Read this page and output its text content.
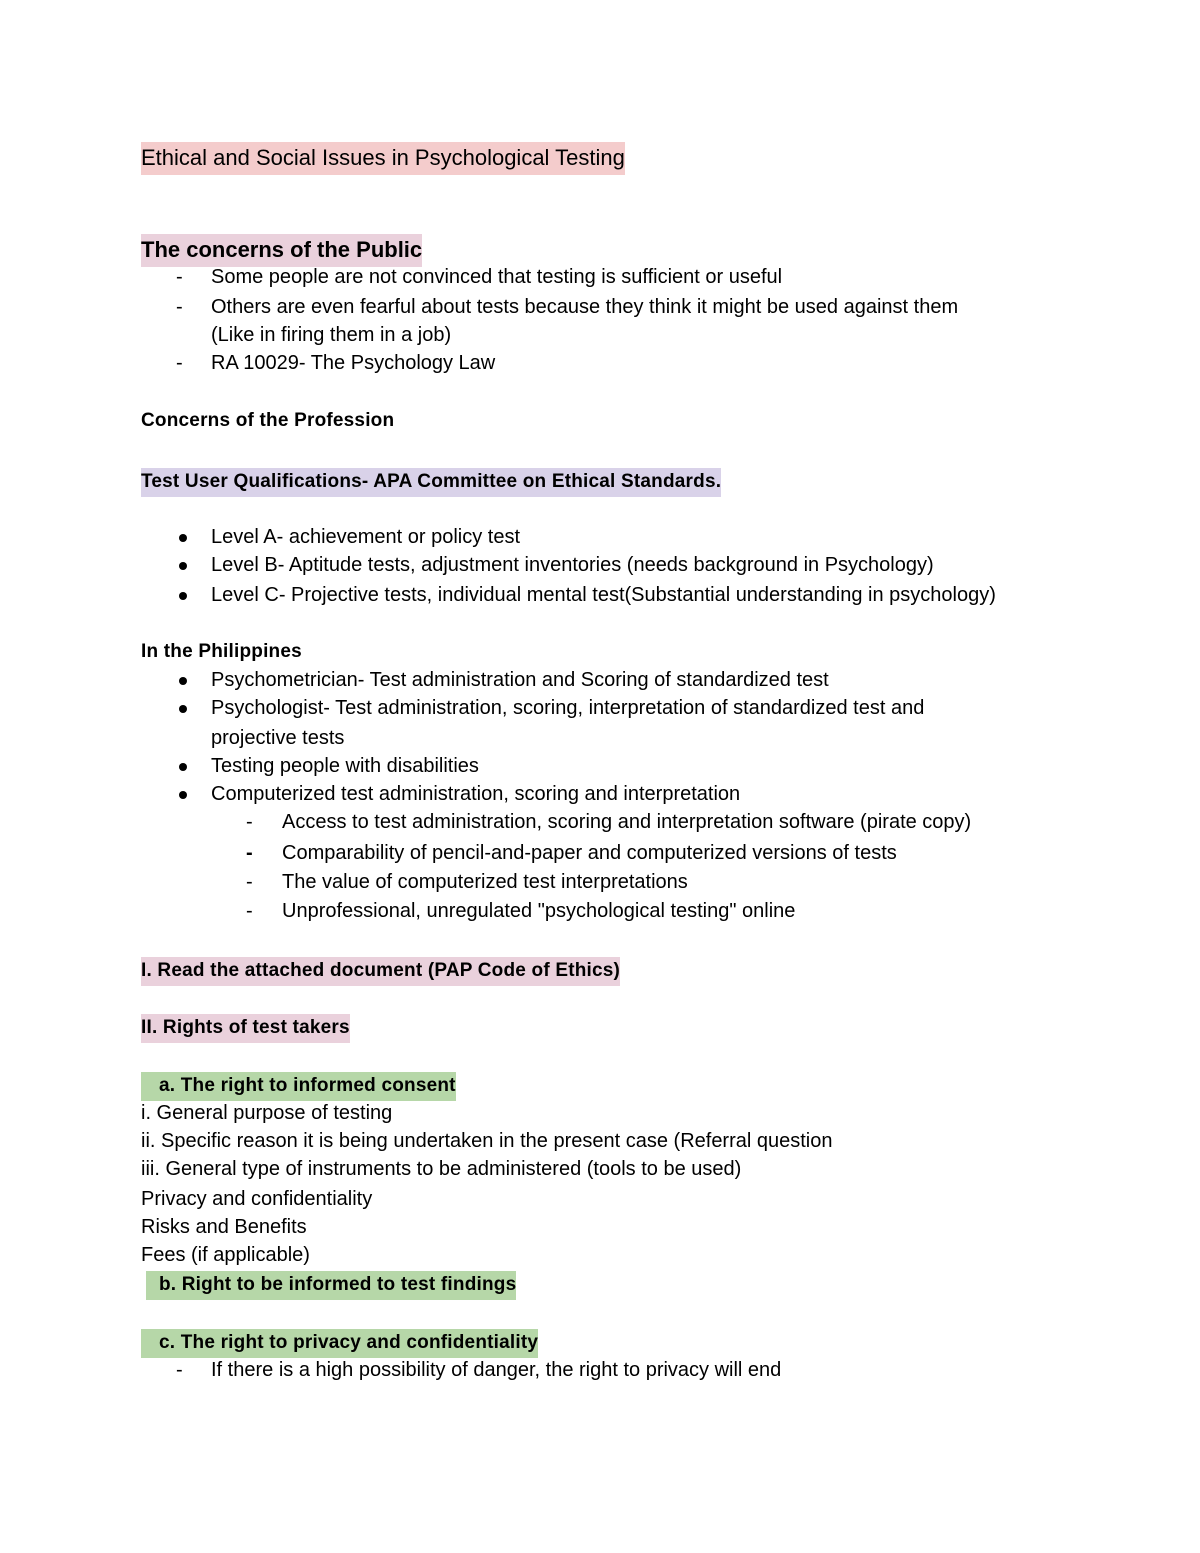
Ethical and Social Issues in Psychological Testing
The concerns of the Public
- Some people are not convinced that testing is sufficient or useful
- Others are even fearful about tests because they think it might be used against them
(Like in firing them in a job)
- RA 10029- The Psychology Law
Concerns of the Profession
Test User Qualifications- APA Committee on Ethical Standards.
Level A- achievement or policy test
Level B- Aptitude tests, adjustment inventories (needs background in Psychology)
Level C- Projective tests, individual mental test(Substantial understanding in psychology)
In the Philippines
Psychometrician- Test administration and Scoring of standardized test
Psychologist- Test administration, scoring, interpretation of standardized test and
projective tests
Testing people with disabilities
Computerized test administration, scoring and interpretation
- Access to test administration, scoring and interpretation software (pirate copy)
- Comparability of pencil-and-paper and computerized versions of tests
- The value of computerized test interpretations
- Unprofessional, unregulated "psychological testing" online
I. Read the attached document (PAP Code of Ethics)
II. Rights of test takers
a. The right to informed consent
i. General purpose of testing
ii. Specific reason it is being undertaken in the present case (Referral question
iii. General type of instruments to be administered (tools to be used)
Privacy and confidentiality
Risks and Benefits
Fees (if applicable)
b. Right to be informed to test findings
c. The right to privacy and confidentiality
- If there is a high possibility of danger, the right to privacy will end
